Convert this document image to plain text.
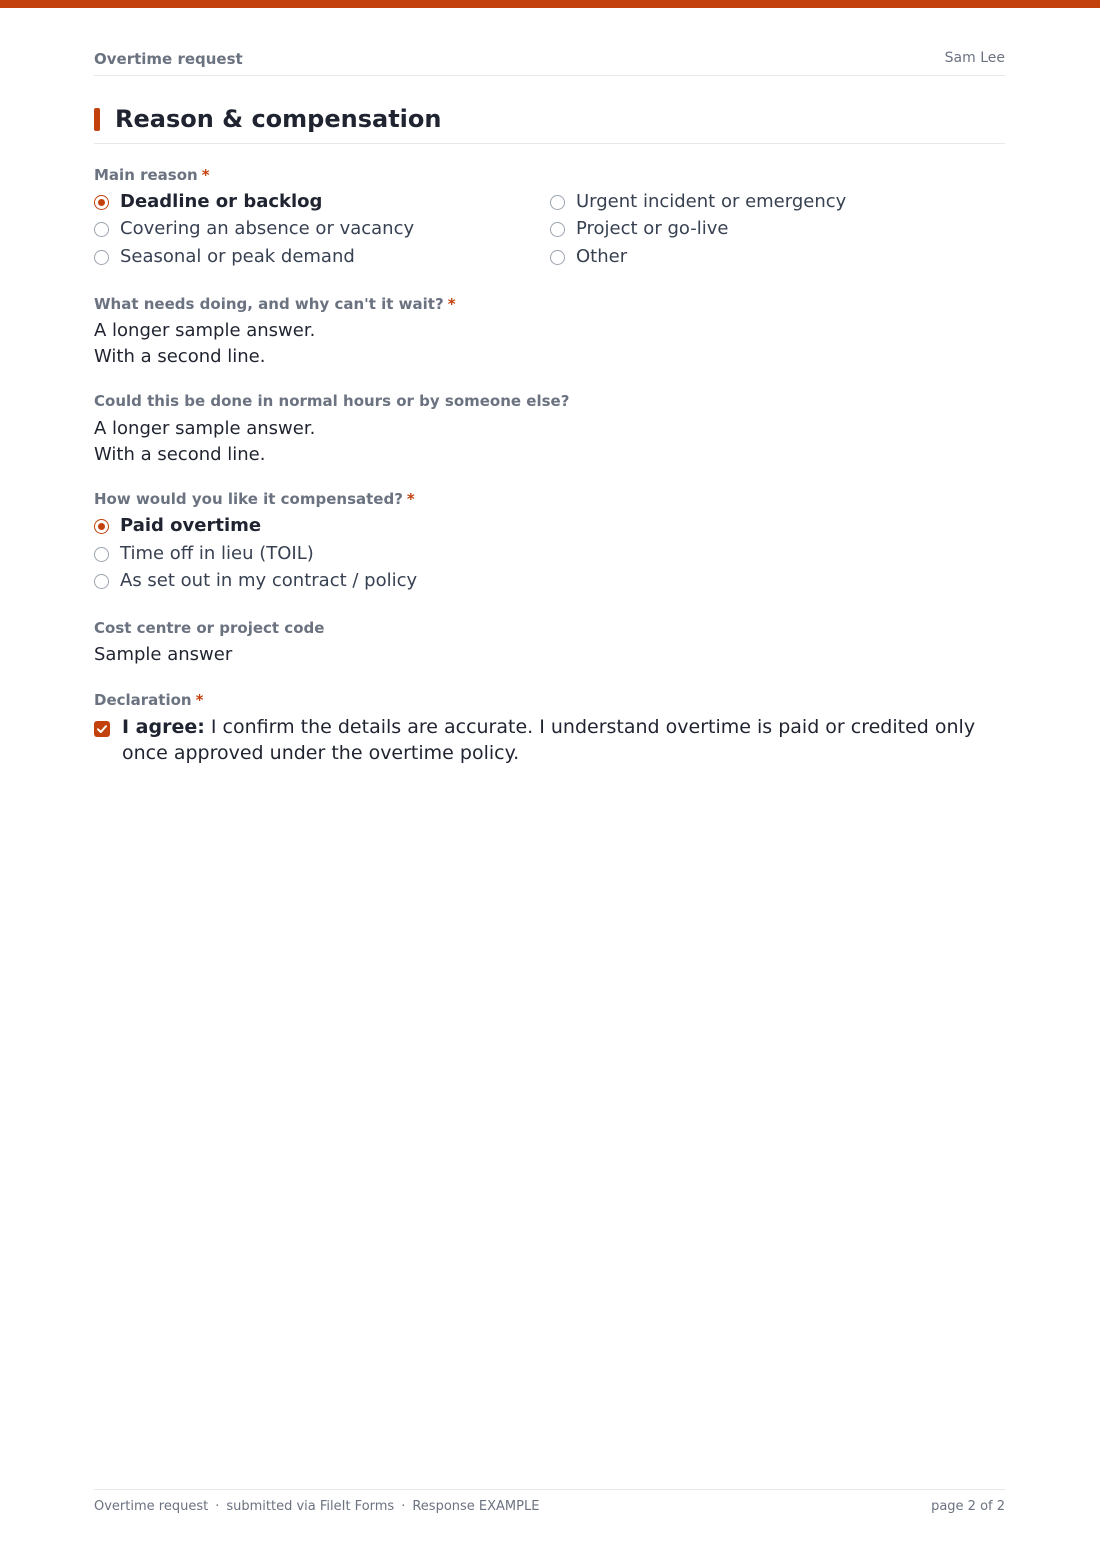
Overtime request	Sam Lee
Reason & compensation
Main reason *
Deadline or backlog
Covering an absence or vacancy
Seasonal or peak demand
Urgent incident or emergency
Project or go-live
Other
What needs doing, and why can't it wait? *
A longer sample answer.
With a second line.
Could this be done in normal hours or by someone else?
A longer sample answer.
With a second line.
How would you like it compensated? *
Paid overtime
Time off in lieu (TOIL)
As set out in my contract / policy
Cost centre or project code
Sample answer
Declaration *
I agree: I confirm the details are accurate. I understand overtime is paid or credited only once approved under the overtime policy.
Overtime request · submitted via FileIt Forms · Response EXAMPLE	page 2 of 2
